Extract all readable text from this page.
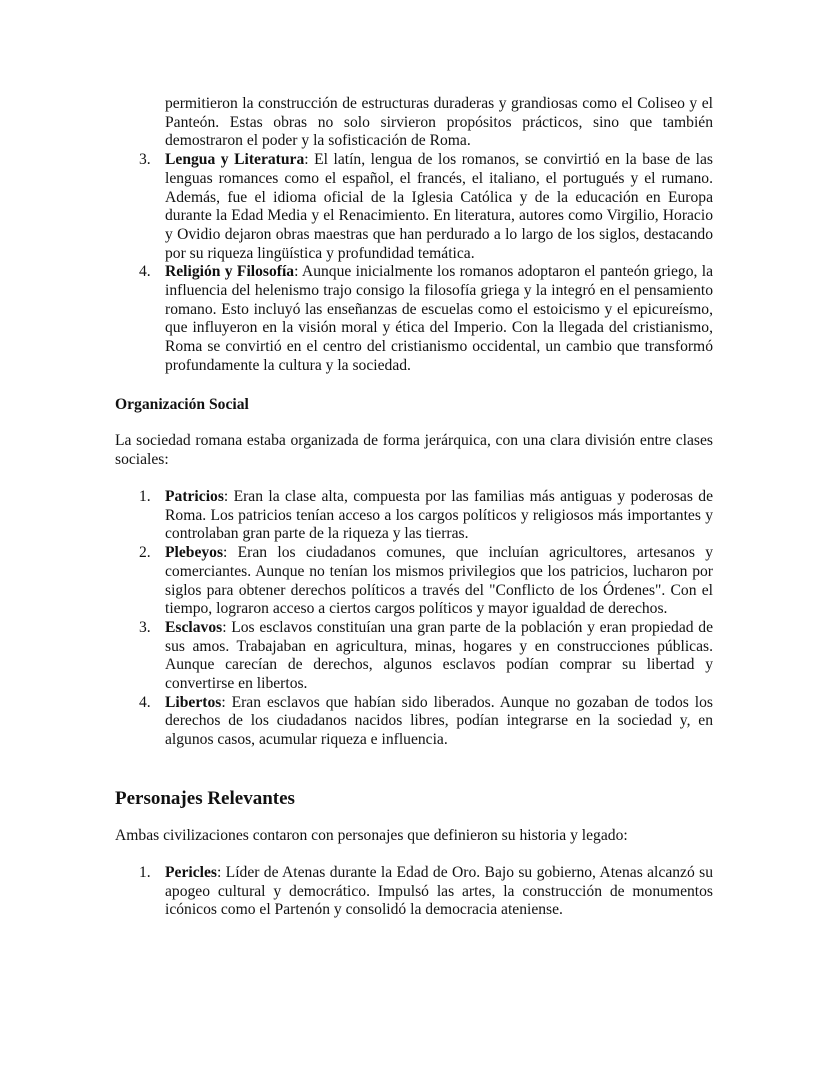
permitieron la construcción de estructuras duraderas y grandiosas como el Coliseo y el Panteón. Estas obras no solo sirvieron propósitos prácticos, sino que también demostraron el poder y la sofisticación de Roma.

3. Lengua y Literatura: El latín, lengua de los romanos, se convirtió en la base de las lenguas romances como el español, el francés, el italiano, el portugués y el rumano. Además, fue el idioma oficial de la Iglesia Católica y de la educación en Europa durante la Edad Media y el Renacimiento. En literatura, autores como Virgilio, Horacio y Ovidio dejaron obras maestras que han perdurado a lo largo de los siglos, destacando por su riqueza lingüística y profundidad temática.

4. Religión y Filosofía: Aunque inicialmente los romanos adoptaron el panteón griego, la influencia del helenismo trajo consigo la filosofía griega y la integró en el pensamiento romano. Esto incluyó las enseñanzas de escuelas como el estoicismo y el epicureísmo, que influyeron en la visión moral y ética del Imperio. Con la llegada del cristianismo, Roma se convirtió en el centro del cristianismo occidental, un cambio que transformó profundamente la cultura y la sociedad.

Organización Social

La sociedad romana estaba organizada de forma jerárquica, con una clara división entre clases sociales:

1. Patricios: Eran la clase alta, compuesta por las familias más antiguas y poderosas de Roma. Los patricios tenían acceso a los cargos políticos y religiosos más importantes y controlaban gran parte de la riqueza y las tierras.

2. Plebeyos: Eran los ciudadanos comunes, que incluían agricultores, artesanos y comerciantes. Aunque no tenían los mismos privilegios que los patricios, lucharon por siglos para obtener derechos políticos a través del "Conflicto de los Órdenes". Con el tiempo, lograron acceso a ciertos cargos políticos y mayor igualdad de derechos.

3. Esclavos: Los esclavos constituían una gran parte de la población y eran propiedad de sus amos. Trabajaban en agricultura, minas, hogares y en construcciones públicas. Aunque carecían de derechos, algunos esclavos podían comprar su libertad y convertirse en libertos.

4. Libertos: Eran esclavos que habían sido liberados. Aunque no gozaban de todos los derechos de los ciudadanos nacidos libres, podían integrarse en la sociedad y, en algunos casos, acumular riqueza e influencia.

Personajes Relevantes

Ambas civilizaciones contaron con personajes que definieron su historia y legado:

1. Pericles: Líder de Atenas durante la Edad de Oro. Bajo su gobierno, Atenas alcanzó su apogeo cultural y democrático. Impulsó las artes, la construcción de monumentos icónicos como el Partenón y consolidó la democracia ateniense.
